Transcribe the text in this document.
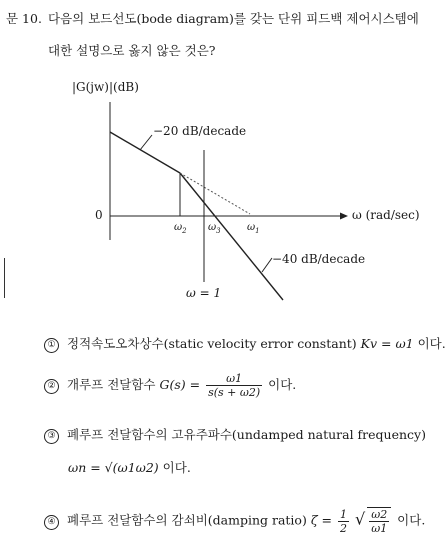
문 10. 다음의 보드선도(bode diagram)를 갖는 단위 피드백 제어시스템에
대한 설명으로 옳지 않은 것은?
|G(jw)|(dB)
−20 dB/decade
0	ω (rad/sec)
$\omega_2$ $\omega_3$	$\omega_1$
−40 dB/decade
ω = 1
① 정적속도오차상수(static velocity error constant) Kv = ω1 이다.
② 개루프 전달함수 $G(s) = \frac{\omega 1}{s(s + \omega 2)}$ 이다.
③ 폐루프 전달함수의 고유주파수(undamped natural frequency)
ωn = √(ω1ω2) 이다.
④ 폐루프 전달함수의 감쇠비(damping ratio) $\zeta = \frac{1}{2}$ √ $\frac{\omega 2}{\omega 1}$ 이다.
